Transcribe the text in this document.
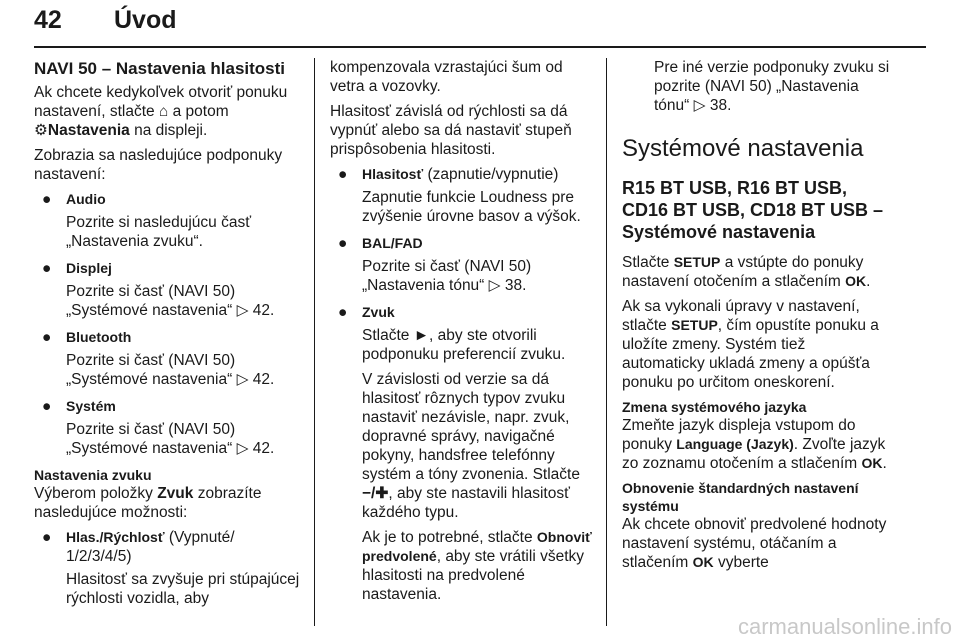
42 Úvod

NAVI 50 – Nastavenia hlasitosti

Ak chcete kedykoľvek otvoriť ponuku nastavení, stlačte ⌂ a potom
⚙Nastavenia na displeji.

Zobrazia sa nasledujúce podponuky nastavení:

● Audio
Pozrite si nasledujúcu časť „Nastavenia zvuku“.
● Displej
Pozrite si časť (NAVI 50) „Systémové nastavenia“ ▷ 42.
● Bluetooth
Pozrite si časť (NAVI 50) „Systémové nastavenia“ ▷ 42.
● Systém
Pozrite si časť (NAVI 50) „Systémové nastavenia“ ▷ 42.

Nastavenia zvuku

Výberom položky Zvuk zobrazíte nasledujúce možnosti:

● Hlas./Rýchlosť (Vypnuté/ 1/2/3/4/5)
Hlasitosť sa zvyšuje pri stúpajúcej rýchlosti vozidla, aby

kompenzovala vzrastajúci šum od vetra a vozovky.

Hlasitosť závislá od rýchlosti sa dá vypnúť alebo sa dá nastaviť stupeň prispôsobenia hlasitosti.

● Hlasitosť (zapnutie/vypnutie)
Zapnutie funkcie Loudness pre zvýšenie úrovne basov a výšok.
● BAL/FAD
Pozrite si časť (NAVI 50) „Nastavenia tónu“ ▷ 38.
● Zvuk

Stlačte ►, aby ste otvorili podponuku preferencií zvuku.

V závislosti od verzie sa dá hlasitosť rôznych typov zvuku nastaviť nezávisle, napr. zvuk, dopravné správy, navigačné pokyny, handsfree telefónny systém a tóny zvonenia. Stlačte −/✚, aby ste nastavili hlasitosť každého typu.

Ak je to potrebné, stlačte Obnoviť predvolené, aby ste vrátili všetky hlasitosti na predvolené nastavenia.

Pre iné verzie podponuky zvuku si pozrite (NAVI 50) „Nastavenia tónu“ ▷ 38.

Systémové nastavenia

R15 BT USB, R16 BT USB, CD16 BT USB, CD18 BT USB – Systémové nastavenia

Stlačte SETUP a vstúpte do ponuky nastavení otočením a stlačením OK.

Ak sa vykonali úpravy v nastavení, stlačte SETUP, čím opustíte ponuku a uložíte zmeny. Systém tiež automaticky ukladá zmeny a opúšťa ponuku po určitom oneskorení.

Zmena systémového jazyka

Zmeňte jazyk displeja vstupom do ponuky Language (Jazyk). Zvoľte jazyk zo zoznamu otočením a stlačením OK.

Obnovenie štandardných nastavení systému

Ak chcete obnoviť predvolené hodnoty nastavení systému, otáčaním a stlačením OK vyberte

carmanualsonline.info
